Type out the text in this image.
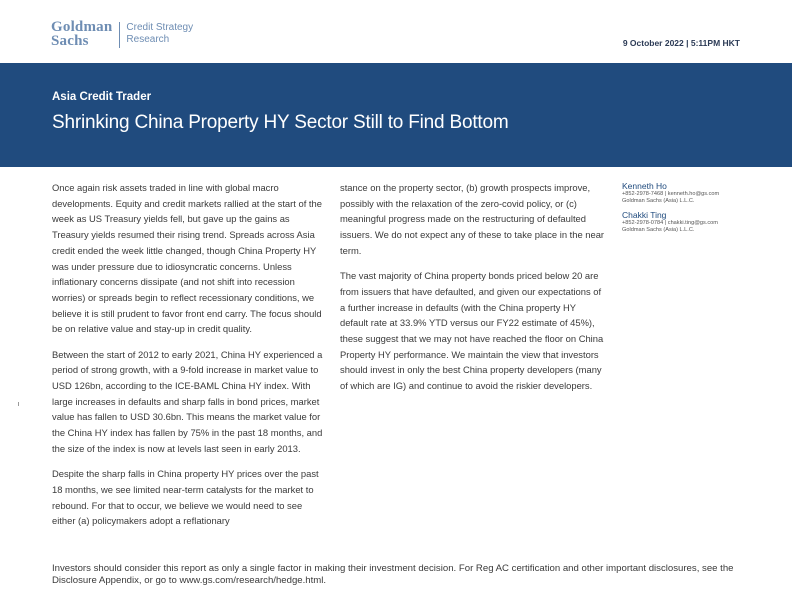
Goldman
Sachs
Credit Strategy
Research	9 October 2022 | 5:11PM HKT
Asia Credit Trader
Shrinking China Property HY Sector Still to Find Bottom

Once again risk assets traded in line with global macro developments. Equity and credit markets rallied at the start of the week as US Treasury yields fell, but gave up the gains as Treasury yields resumed their rising trend. Spreads across Asia credit ended the week little changed, though China Property HY was under pressure due to idiosyncratic concerns. Unless inflationary concerns dissipate (and not shift into recession worries) or spreads begin to reflect recessionary conditions, we believe it is still prudent to favor front end carry. The focus should be on relative value and stay-up in credit quality.

Between the start of 2012 to early 2021, China HY experienced a period of strong growth, with a 9-fold increase in market value to USD 126bn, according to the ICE-BAML China HY index. With large increases in defaults and sharp falls in bond prices, market value has fallen to USD 30.6bn. This means the market value for the China HY index has fallen by 75% in the past 18 months, and the size of the index is now at levels last seen in early 2013.

Despite the sharp falls in China property HY prices over the past 18 months, we see limited near-term catalysts for the market to rebound. For that to occur, we believe we would need to see either (a) policymakers adopt a reflationary

stance on the property sector, (b) growth prospects improve, possibly with the relaxation of the zero-covid policy, or (c) meaningful progress made on the restructuring of defaulted issuers. We do not expect any of these to take place in the near term.

The vast majority of China property bonds priced below 20 are from issuers that have defaulted, and given our expectations of a further increase in defaults (with the China property HY default rate at 33.9% YTD versus our FY22 estimate of 45%), these suggest that we may not have reached the floor on China Property HY performance. We maintain the view that investors should invest in only the best China property developers (many of which are IG) and continue to avoid the riskier developers.

Kenneth Ho
+852-2978-7468 | kenneth.ho@gs.com
Goldman Sachs (Asia) L.L.C.
Chakki Ting
+852-2978-0784 | chakki.ting@gs.com
Goldman Sachs (Asia) L.L.C.
Investors should consider this report as only a single factor in making their investment decision. For Reg AC certification and other important disclosures, see the Disclosure Appendix, or go to www.gs.com/research/hedge.html.
